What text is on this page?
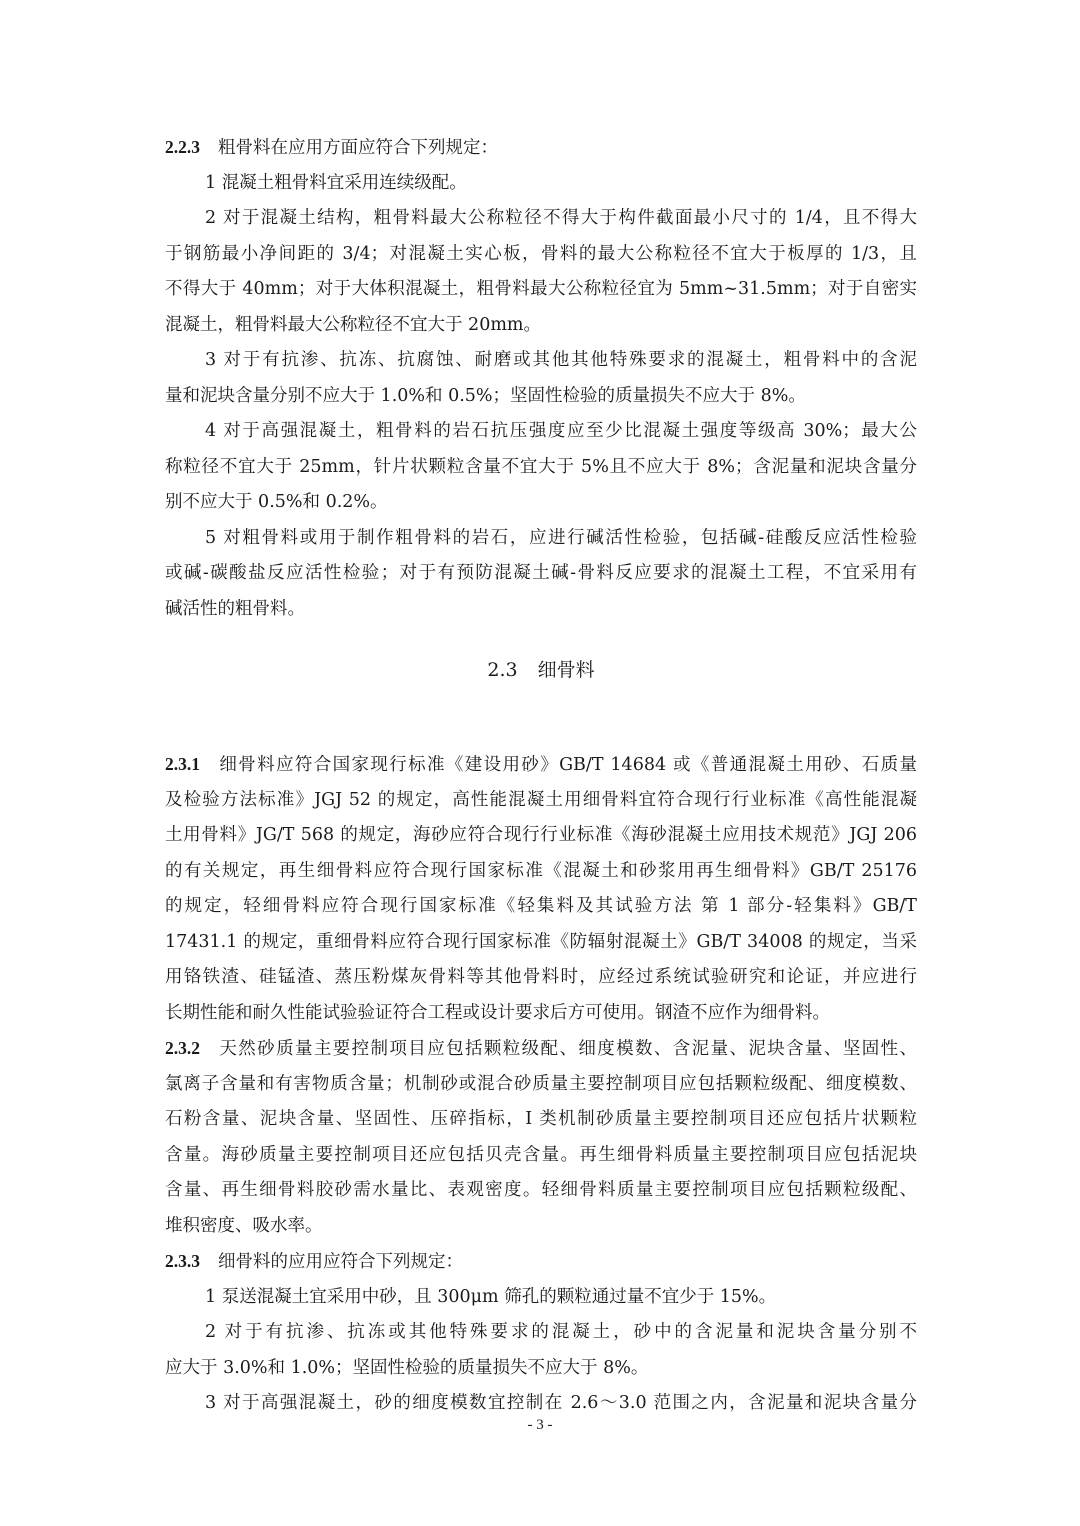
2.2.3 粗骨料在应用方面应符合下列规定：
1 混凝土粗骨料宜采用连续级配。
2 对于混凝土结构，粗骨料最大公称粒径不得大于构件截面最小尺寸的 1/4，且不得大
于钢筋最小净间距的 3/4；对混凝土实心板，骨料的最大公称粒径不宜大于板厚的 1/3，且
不得大于 40mm；对于大体积混凝土，粗骨料最大公称粒径宜为 5mm~31.5mm；对于自密实
混凝土，粗骨料最大公称粒径不宜大于 20mm。
3 对于有抗渗、抗冻、抗腐蚀、耐磨或其他其他特殊要求的混凝土，粗骨料中的含泥
量和泥块含量分别不应大于 1.0%和 0.5%；坚固性检验的质量损失不应大于 8%。
4 对于高强混凝土，粗骨料的岩石抗压强度应至少比混凝土强度等级高 30%；最大公
称粒径不宜大于 25mm，针片状颗粒含量不宜大于 5%且不应大于 8%；含泥量和泥块含量分
别不应大于 0.5%和 0.2%。
5 对粗骨料或用于制作粗骨料的岩石，应进行碱活性检验，包括碱-硅酸反应活性检验
或碱-碳酸盐反应活性检验；对于有预防混凝土碱-骨料反应要求的混凝土工程，不宜采用有
碱活性的粗骨料。
2.3 细骨料
2.3.1 细骨料应符合国家现行标准《建设用砂》GB/T 14684 或《普通混凝土用砂、石质量
及检验方法标准》JGJ 52 的规定，高性能混凝土用细骨料宜符合现行行业标准《高性能混凝
土用骨料》JG/T 568 的规定，海砂应符合现行行业标准《海砂混凝土应用技术规范》JGJ 206
的有关规定，再生细骨料应符合现行国家标准《混凝土和砂浆用再生细骨料》GB/T 25176
的规定，轻细骨料应符合现行国家标准《轻集料及其试验方法 第 1 部分-轻集料》GB/T
17431.1 的规定，重细骨料应符合现行国家标准《防辐射混凝土》GB/T 34008 的规定，当采
用铬铁渣、硅锰渣、蒸压粉煤灰骨料等其他骨料时，应经过系统试验研究和论证，并应进行
长期性能和耐久性能试验验证符合工程或设计要求后方可使用。钢渣不应作为细骨料。
2.3.2 天然砂质量主要控制项目应包括颗粒级配、细度模数、含泥量、泥块含量、坚固性、
氯离子含量和有害物质含量；机制砂或混合砂质量主要控制项目应包括颗粒级配、细度模数、
石粉含量、泥块含量、坚固性、压碎指标，I 类机制砂质量主要控制项目还应包括片状颗粒
含量。海砂质量主要控制项目还应包括贝壳含量。再生细骨料质量主要控制项目应包括泥块
含量、再生细骨料胶砂需水量比、表观密度。轻细骨料质量主要控制项目应包括颗粒级配、
堆积密度、吸水率。
2.3.3 细骨料的应用应符合下列规定：
1 泵送混凝土宜采用中砂，且 300μm 筛孔的颗粒通过量不宜少于 15%。
2 对于有抗渗、抗冻或其他特殊要求的混凝土，砂中的含泥量和泥块含量分别不
应大于 3.0%和 1.0%；坚固性检验的质量损失不应大于 8%。
3 对于高强混凝土，砂的细度模数宜控制在 2.6～3.0 范围之内，含泥量和泥块含量分
- 3 -
